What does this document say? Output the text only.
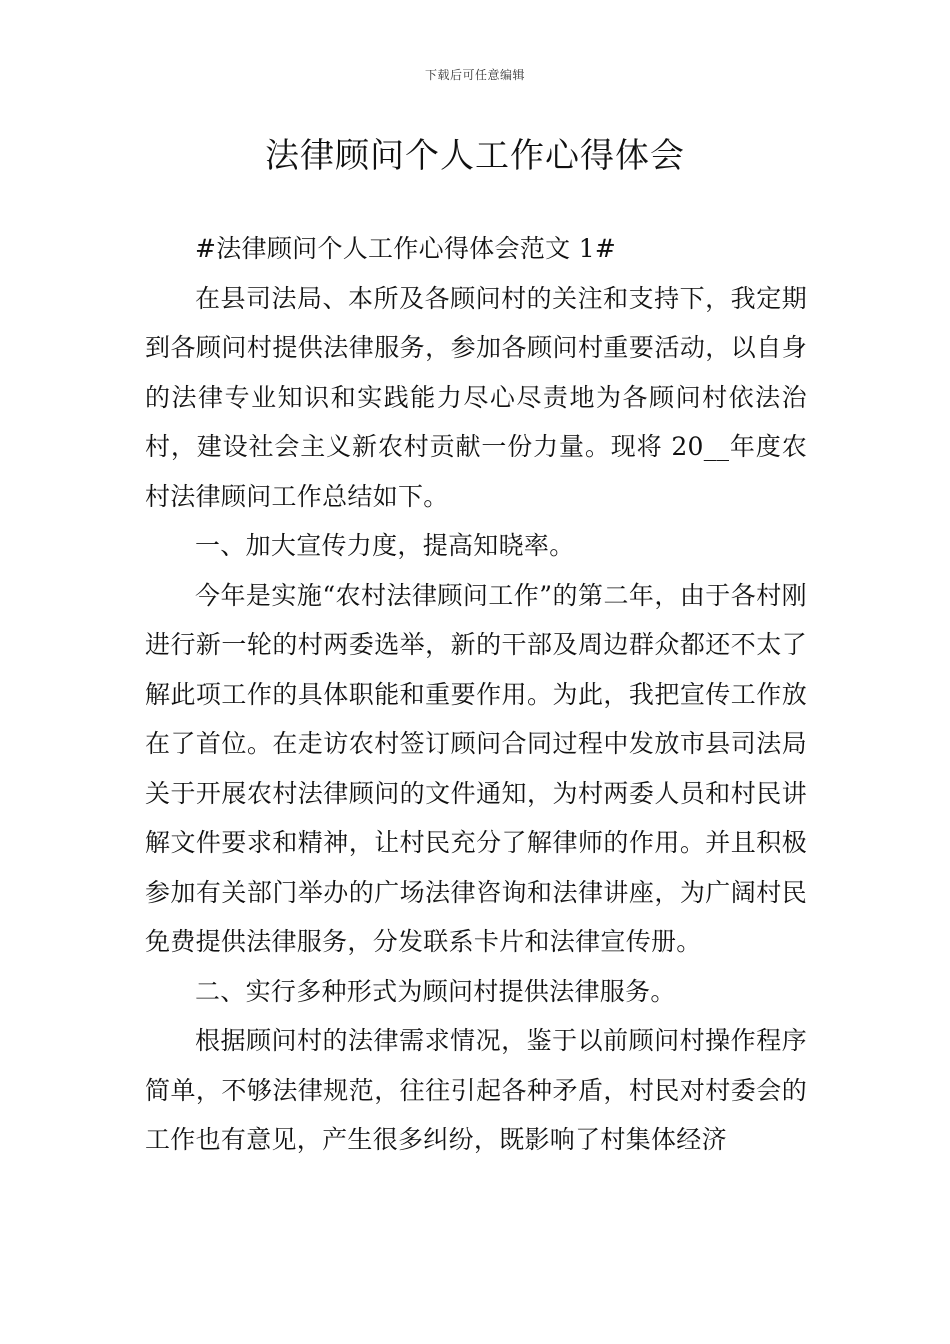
下载后可任意编辑
法律顾问个人工作心得体会

#法律顾问个人工作心得体会范文 1#

在县司法局、本所及各顾问村的关注和支持下，我定期到各顾问村提供法律服务，参加各顾问村重要活动，以自身的法律专业知识和实践能力尽心尽责地为各顾问村依法治村，建设社会主义新农村贡献一份力量。现将 20__年度农村法律顾问工作总结如下。

一、加大宣传力度，提高知晓率。

今年是实施“农村法律顾问工作”的第二年，由于各村刚进行新一轮的村两委选举，新的干部及周边群众都还不太了解此项工作的具体职能和重要作用。为此，我把宣传工作放在了首位。在走访农村签订顾问合同过程中发放市县司法局关于开展农村法律顾问的文件通知，为村两委人员和村民讲解文件要求和精神，让村民充分了解律师的作用。并且积极参加有关部门举办的广场法律咨询和法律讲座，为广阔村民免费提供法律服务，分发联系卡片和法律宣传册。

二、实行多种形式为顾问村提供法律服务。

根据顾问村的法律需求情况，鉴于以前顾问村操作程序简单，不够法律规范，往往引起各种矛盾，村民对村委会的工作也有意见，产生很多纠纷，既影响了村集体经济
